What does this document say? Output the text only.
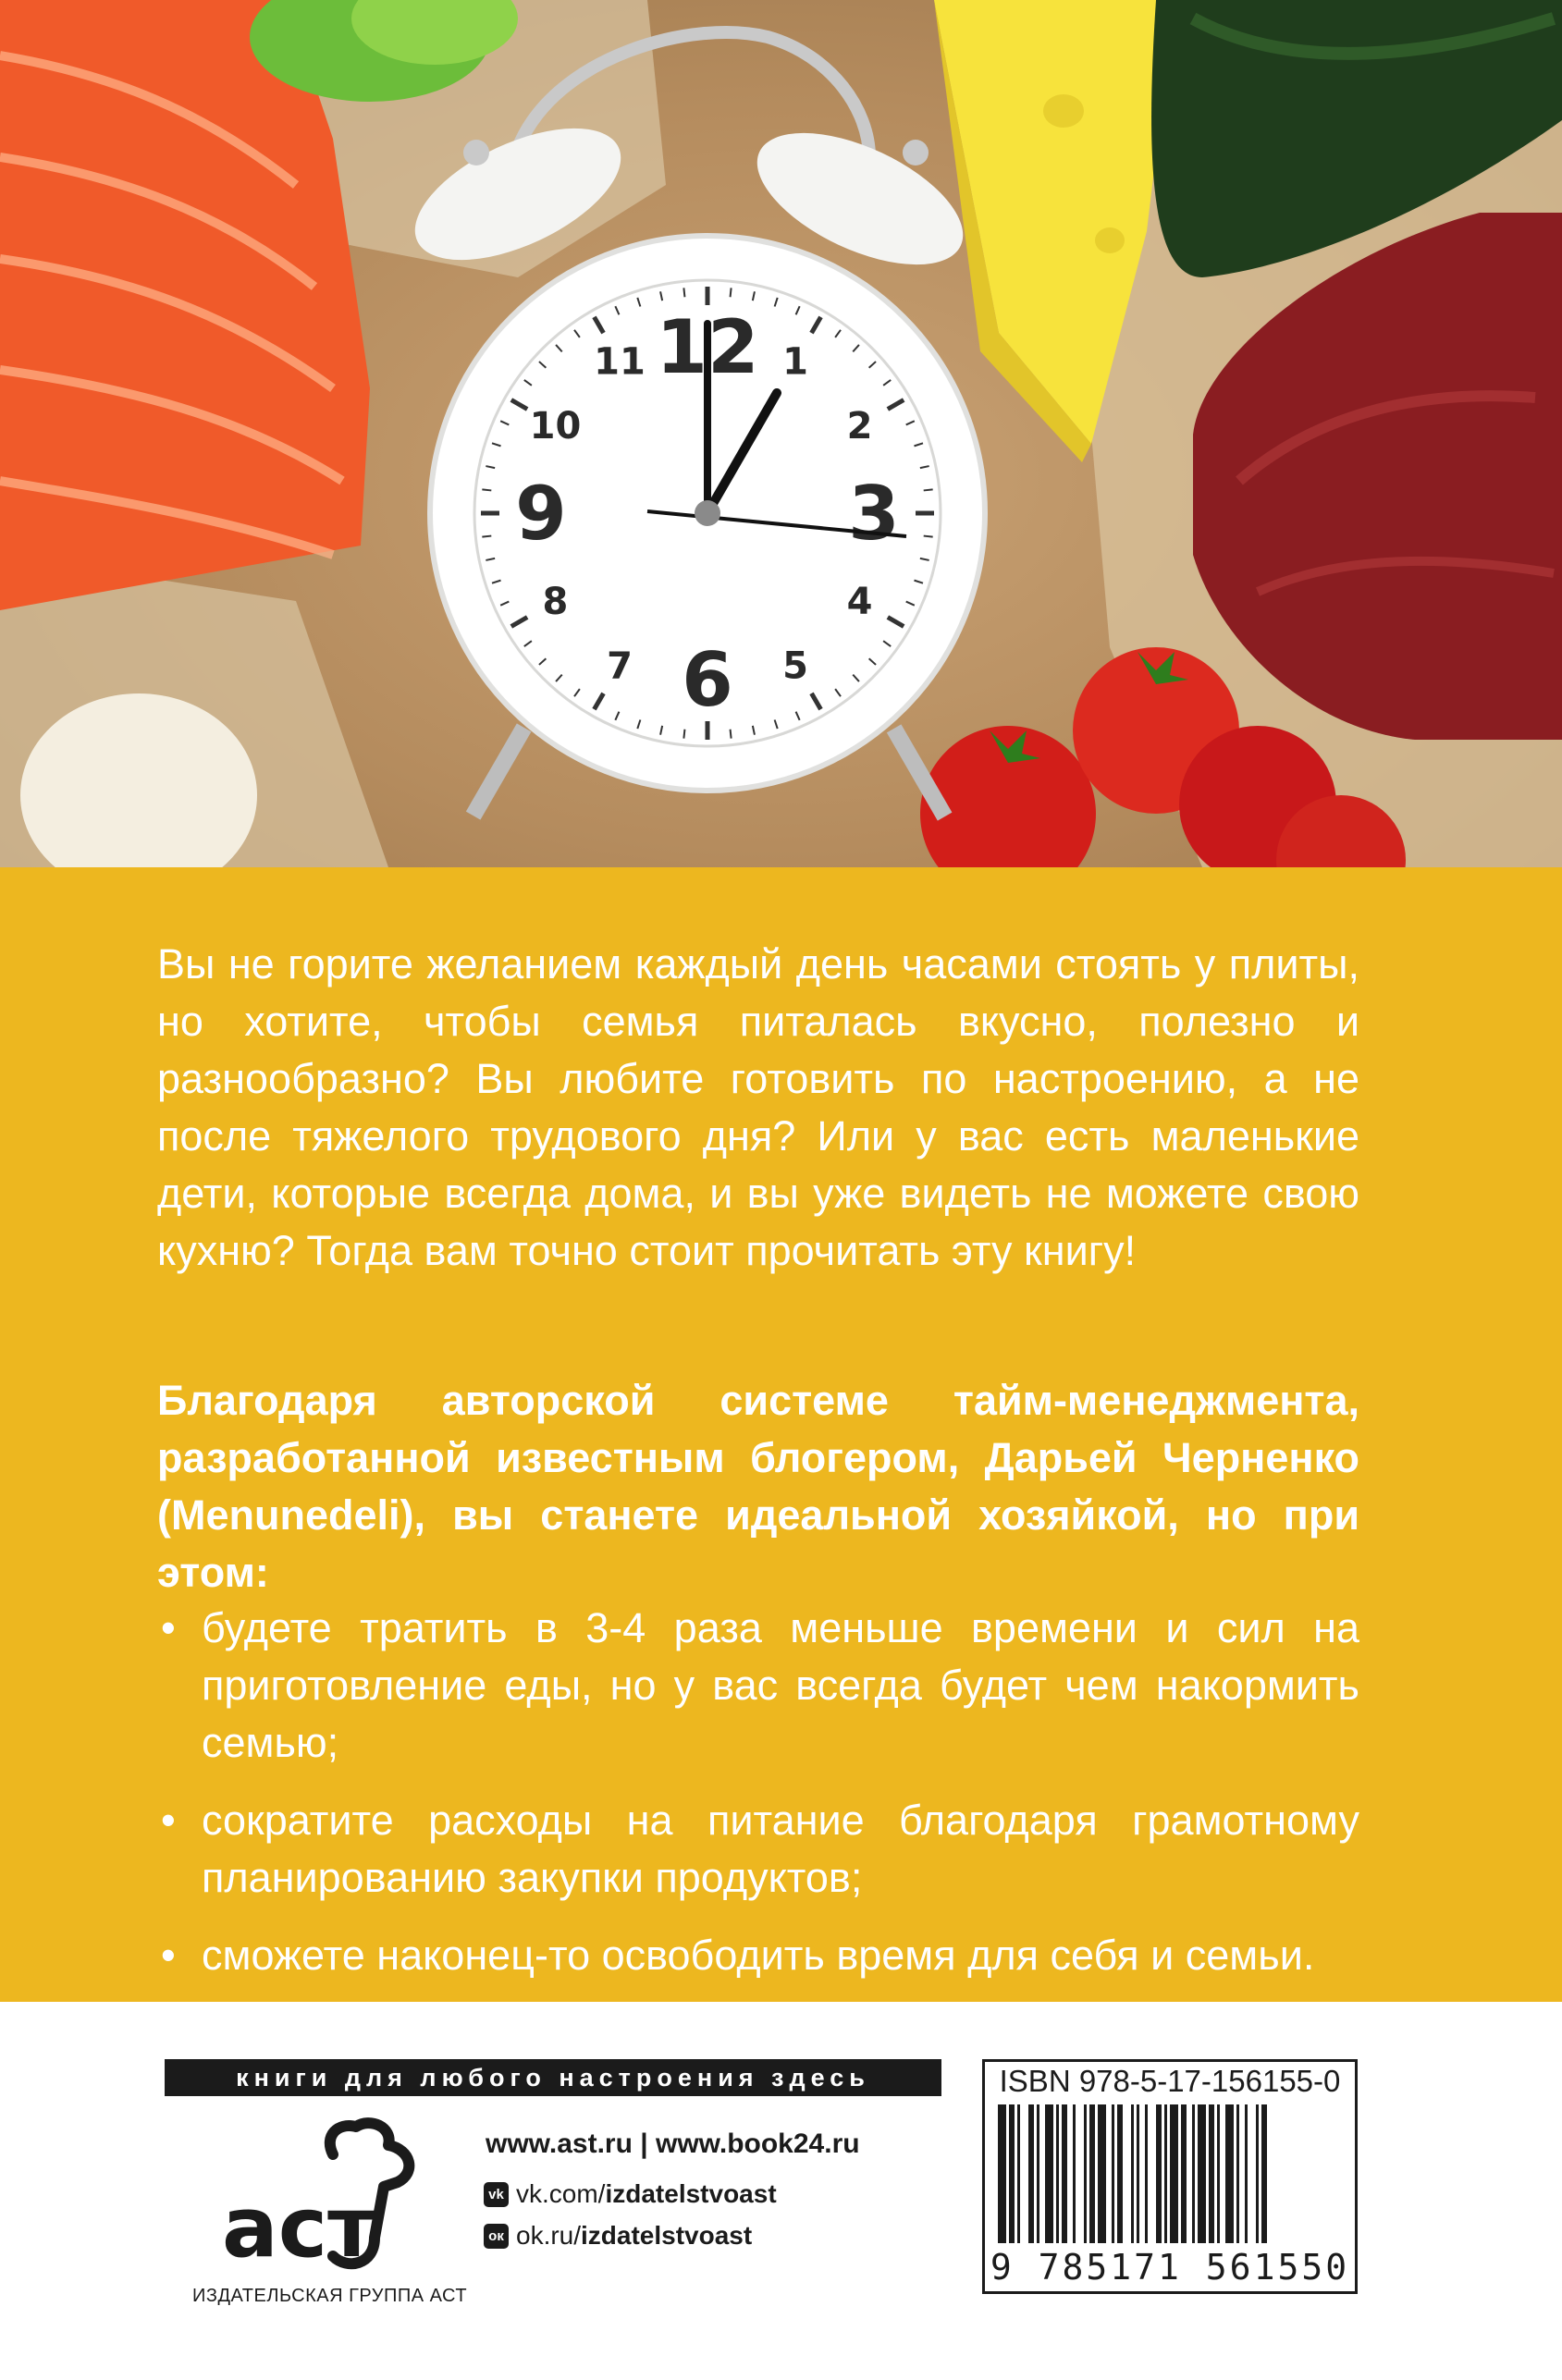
12 1
2
3
4
5
6
7
8
9
10
11

Вы не горите желанием каждый день часами стоять у плиты, но хотите, чтобы семья питалась вкусно, полезно и разнообразно? Вы любите готовить по настроению, а не после тяжелого трудового дня? Или у вас есть маленькие дети, которые всегда дома, и вы уже видеть не можете свою кухню? Тогда вам точно стоит прочитать эту книгу!

Благодаря авторской системе тайм-менеджмента, разработанной известным блогером, Дарьей Черненко (Menunedeli), вы станете идеальной хозяйкой, но при этом:

• будете тратить в 3-4 раза меньше времени и сил на приготовление еды, но у вас всегда будет чем накормить семью;
• сократите расходы на питание благодаря грамотному планированию закупки продуктов;
• сможете наконец-то освободить время для себя и семьи.
книги для любого настроения здесь
аст
ИЗДАТЕЛЬСКАЯ ГРУППА АСТ
www.ast.ru | www.book24.ru
vk vk.com/ izdatelstvoast
ок ok.ru/ izdatelstvoast
ISBN 978-5-17-156155-0
9 785171 561550
